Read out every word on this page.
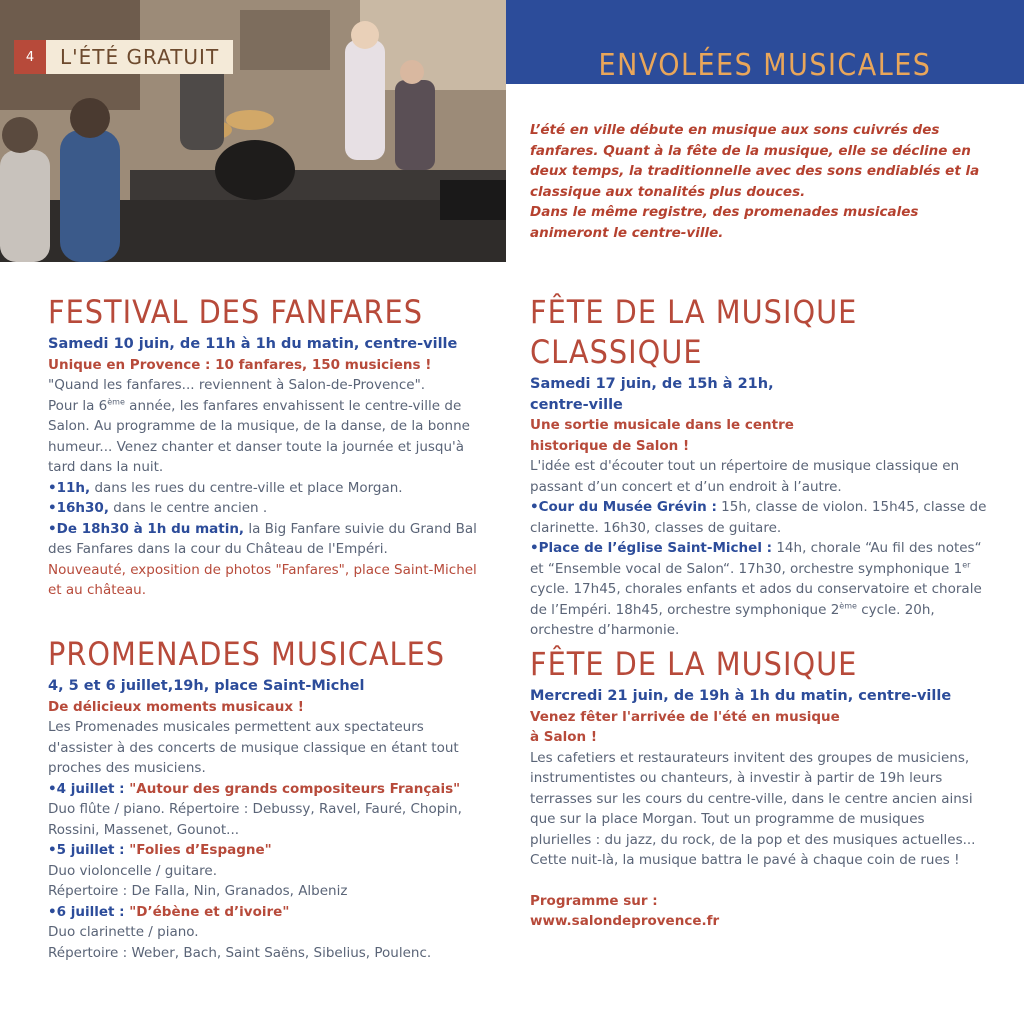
ENVOLÉES MUSICALES
4	L'ÉTÉ GRATUIT

L’été en ville débute en musique aux sons cuivrés des fanfares. Quant à la fête de la musique, elle se décline en deux temps, la traditionnelle avec des sons endiablés et la classique aux tonalités plus douces.

Dans le même registre, des promenades musicales animeront le centre-ville.

FESTIVAL DES FANFARES
Samedi 10 juin, de 11h à 1h du matin, centre-ville
Unique en Provence : 10 fanfares, 150 musiciens !

"Quand les fanfares... reviennent à Salon-de-Provence".

Pour la 6ème année, les fanfares envahissent le centre-ville de Salon. Au programme de la musique, de la danse, de la bonne humeur... Venez chanter et danser toute la journée et jusqu'à tard dans la nuit.

•11h, dans les rues du centre-ville et place Morgan.

•16h30, dans le centre ancien .

•De 18h30 à 1h du matin, la Big Fanfare suivie du Grand Bal des Fanfares dans la cour du Château de l'Empéri.

Nouveauté, exposition de photos "Fanfares", place Saint-Michel et au château.

PROMENADES MUSICALES
4, 5 et 6 juillet,19h, place Saint-Michel
De délicieux moments musicaux !

Les Promenades musicales permettent aux spectateurs d'assister à des concerts de musique classique en étant tout proches des musiciens.

•4 juillet : "Autour des grands compositeurs Français"

Duo flûte / piano. Répertoire : Debussy, Ravel, Fauré, Chopin, Rossini, Massenet, Gounot...

•5 juillet : "Folies d’Espagne"

Duo violoncelle / guitare.

Répertoire : De Falla, Nin, Granados, Albeniz

•6 juillet : "D’ébène et d’ivoire"

Duo clarinette / piano.

Répertoire : Weber, Bach, Saint Saëns, Sibelius, Poulenc.

FÊTE DE LA MUSIQUE CLASSIQUE

Samedi 17 juin, de 15h à 21h,

centre-ville

Une sortie musicale dans le centre

historique de Salon !

L'idée est d'écouter tout un répertoire de musique classique en passant d’un concert et d’un endroit à l’autre.

•Cour du Musée Grévin : 15h, classe de violon. 15h45, classe de clarinette. 16h30, classes de guitare.

•Place de l’église Saint-Michel : 14h, chorale “Au fil des notes“ et “Ensemble vocal de Salon“. 17h30, orchestre symphonique 1er cycle. 17h45, chorales enfants et ados du conservatoire et chorale de l’Empéri. 18h45, orchestre symphonique 2ème cycle. 20h, orchestre d’harmonie.

FÊTE DE LA MUSIQUE
Mercredi 21 juin, de 19h à 1h du matin, centre-ville

Venez fêter l'arrivée de l'été en musique

à Salon !

Les cafetiers et restaurateurs invitent des groupes de musiciens, instrumentistes ou chanteurs, à investir à partir de 19h leurs terrasses sur les cours du centre-ville, dans le centre ancien ainsi que sur la place Morgan. Tout un programme de musiques plurielles : du jazz, du rock, de la pop et des musiques actuelles... Cette nuit-là, la musique battra le pavé à chaque coin de rues !

Programme sur :

www.salondeprovence.fr
